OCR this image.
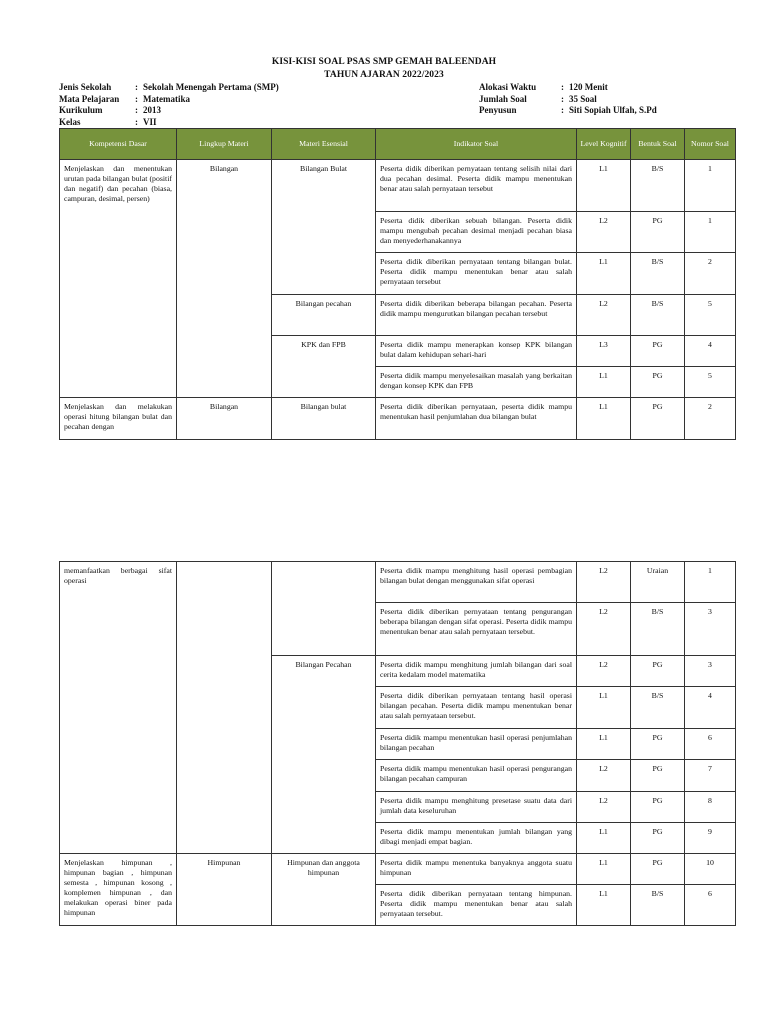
KISI-KISI SOAL PSAS SMP GEMAH BALEENDAH
TAHUN AJARAN 2022/2023
Jenis Sekolah	: Sekolah Menengah Pertama (SMP)
Mata Pelajaran	: Matematika
Kurikulum	: 2013
Kelas	: VII
Alokasi Waktu	: 120 Menit
Jumlah Soal	: 35 Soal
Penyusun	: Siti Sopiah Ulfah, S.Pd
Kompetensi Dasar	Lingkup Materi	Materi Esensial	Indikator Soal	Level Kognitif	Bentuk Soal	Nomor Soal
Menjelaskan dan menentukan urutan pada bilangan bulat (positif dan negatif) dan pecahan (biasa, campuran, desimal, persen)	Bilangan	Bilangan Bulat	Peserta didik diberikan pernyataan tentang selisih nilai dari dua pecahan desimal. Peserta didik mampu menentukan benar atau salah pernyataan tersebut	L1	B/S	1
			Peserta didik diberikan sebuah bilangan. Peserta didik mampu mengubah pecahan desimal menjadi pecahan biasa dan menyederhanakannya	L2	PG	1
			Peserta didik diberikan pernyataan tentang bilangan bulat. Peserta didik mampu menentukan benar atau salah pernyataan tersebut	L1	B/S	2
		Bilangan pecahan	Peserta didik diberikan beberapa bilangan pecahan. Peserta didik mampu mengurutkan bilangan pecahan tersebut	L2	B/S	5
		KPK dan FPB	Peserta didik mampu menerapkan konsep KPK bilangan bulat dalam kehidupan sehari-hari	L3	PG	4
			Peserta didik mampu menyelesaikan masalah yang berkaitan dengan konsep KPK dan FPB	L1	PG	5
Menjelaskan dan melakukan operasi hitung bilangan bulat dan pecahan dengan	Bilangan	Bilangan bulat	Peserta didik diberikan pernyataan, peserta didik mampu menentukan hasil penjumlahan dua bilangan bulat	L1	PG	2
memanfaatkan berbagai sifat operasi			Peserta didik mampu menghitung hasil operasi pembagian bilangan bulat dengan menggunakan sifat operasi	L2	Uraian	1
			Peserta didik diberikan pernyataan tentang pengurangan beberapa bilangan dengan sifat operasi. Peserta didik mampu menentukan benar atau salah pernyataan tersebut.	L2	B/S	3
		Bilangan Pecahan	Peserta didik mampu menghitung jumlah bilangan dari soal cerita kedalam model matematika	L2	PG	3
			Peserta didik diberikan pernyataan tentang hasil operasi bilangan pecahan. Peserta didik mampu menentukan benar atau salah pernyataan tersebut.	L1	B/S	4
			Peserta didik mampu menentukan hasil operasi penjumlahan bilangan pecahan	L1	PG	6
			Peserta didik mampu menentukan hasil operasi pengurangan bilangan pecahan campuran	L2	PG	7
			Peserta didik mampu menghitung presetase suatu data dari jumlah data keseluruhan	L2	PG	8
			Peserta didik mampu menentukan jumlah bilangan yang dibagi menjadi empat bagian.	L1	PG	9
Menjelaskan himpunan , himpunan bagian , himpunan semesta , himpunan kosong , komplemen himpunan , dan melakukan operasi biner pada himpunan	Himpunan	Himpunan dan anggota himpunan	Peserta didik mampu menentuka banyaknya anggota suatu himpunan	L1	PG	10
			Peserta didik diberikan pernyataan tentang himpunan. Peserta didik mampu menentukan benar atau salah pernyataan tersebut.	L1	B/S	6
